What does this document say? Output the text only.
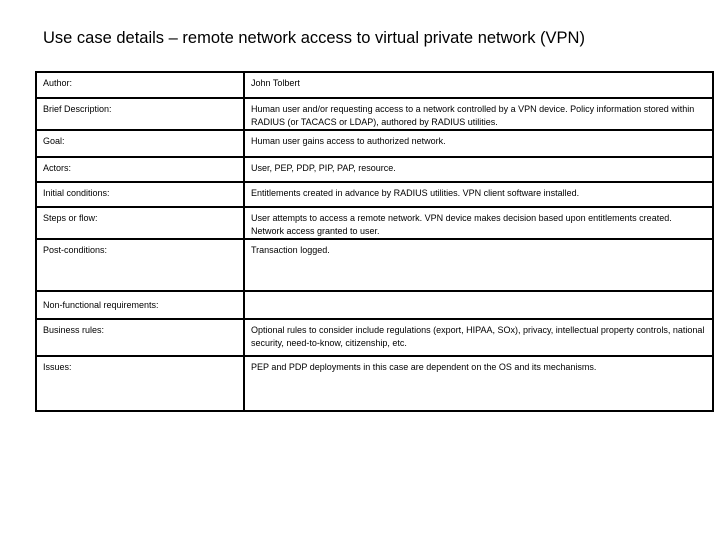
Use case details – remote network access to virtual private network (VPN)
Author:	John Tolbert
Brief Description:	Human user and/or requesting access to a network controlled by a VPN device. Policy information stored within RADIUS (or TACACS or LDAP), authored by RADIUS utilities.
Goal:	Human user gains access to authorized network.
Actors:	User, PEP, PDP, PIP, PAP, resource.
Initial conditions:	Entitlements created in advance by RADIUS utilities. VPN client software installed.
Steps or flow:	User attempts to access a remote network. VPN device makes decision based upon entitlements created. Network access granted to user.
Post-conditions:	Transaction logged.
Non-functional requirements:	
Business rules:	Optional rules to consider include regulations (export, HIPAA, SOx), privacy, intellectual property controls, national security, need-to-know, citizenship, etc.
Issues:	PEP and PDP deployments in this case are dependent on the OS and its mechanisms.
